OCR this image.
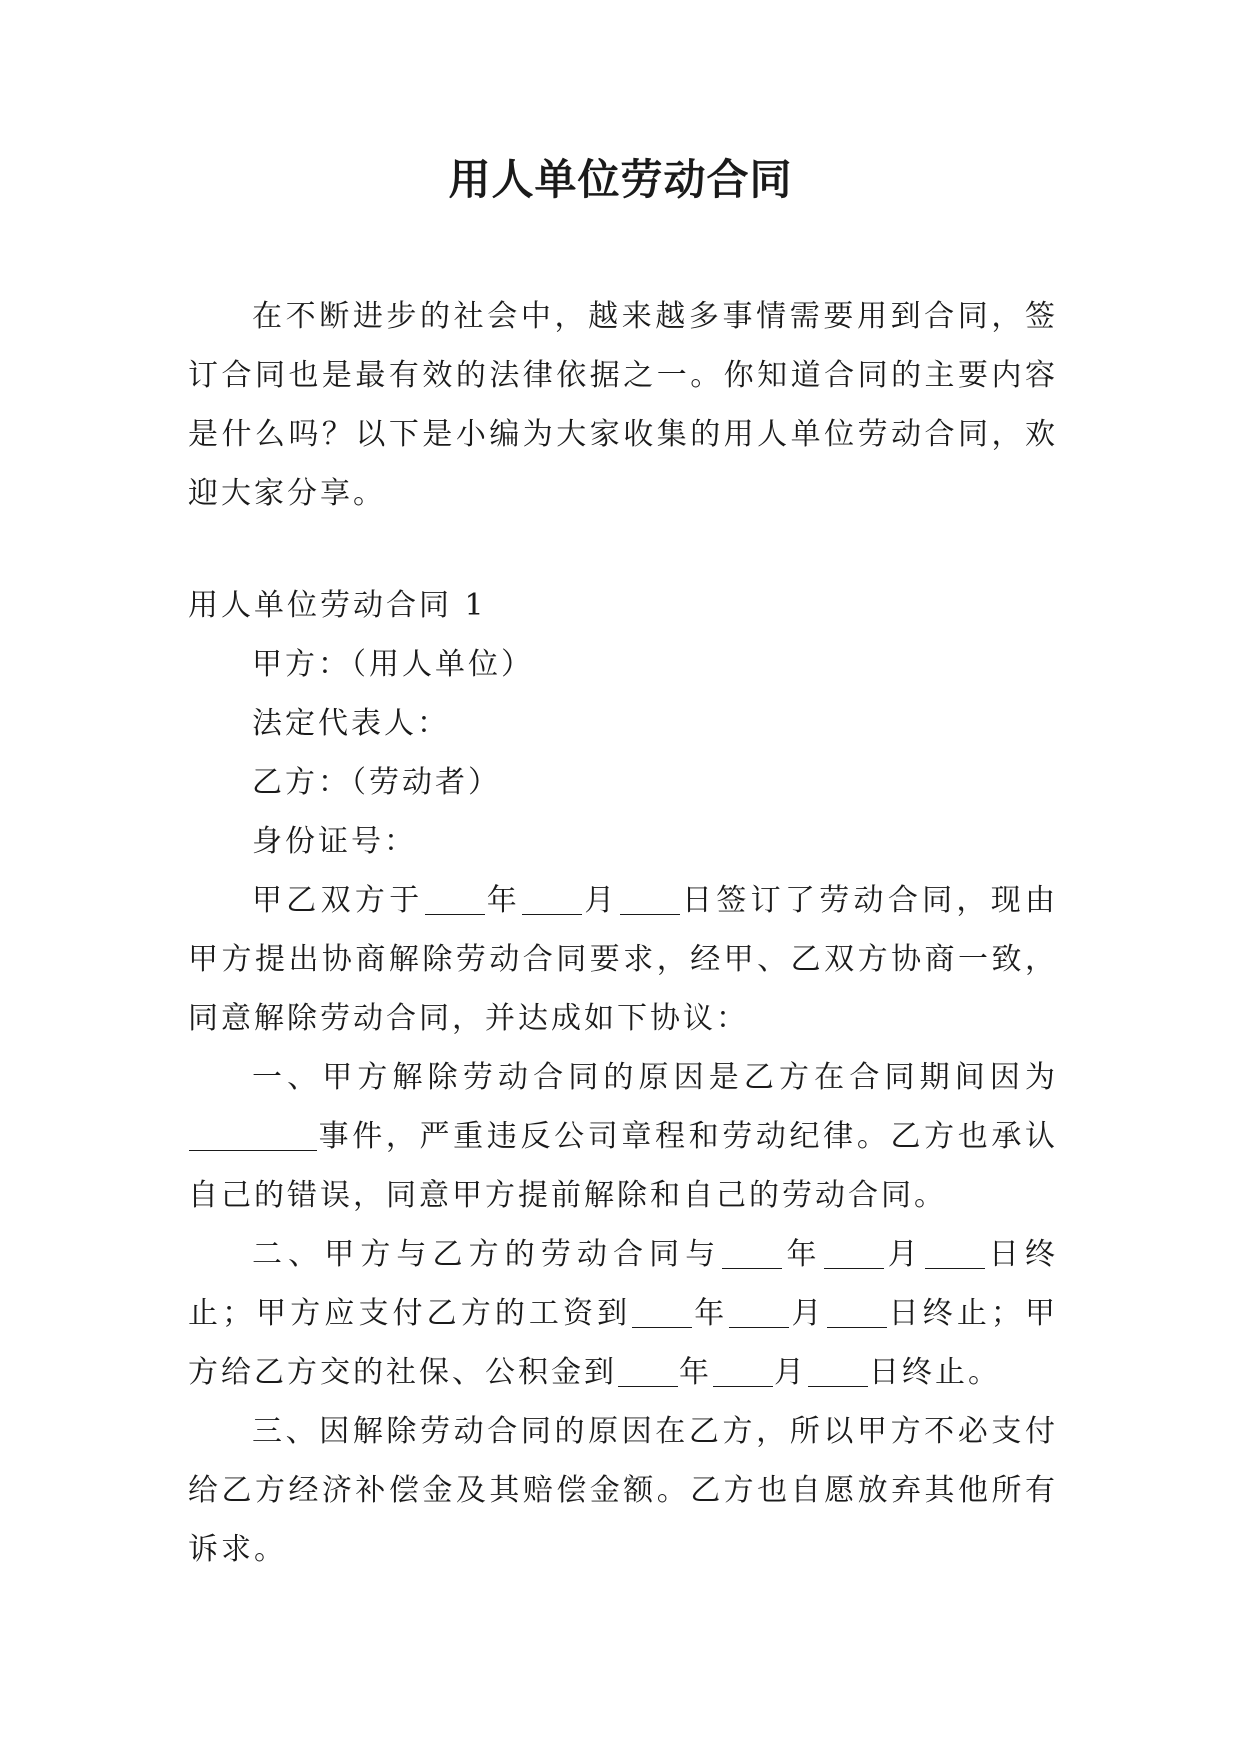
用人单位劳动合同

在不断进步的社会中，越来越多事情需要用到合同，签订合同也是最有效的法律依据之一。你知道合同的主要内容是什么吗？以下是小编为大家收集的用人单位劳动合同，欢迎大家分享。

用人单位劳动合同 1

甲方：（用人单位）

法定代表人：

乙方：（劳动者）

身份证号：

甲乙双方于 年 月 日签订了劳动合同，现由甲方提出协商解除劳动合同要求，经甲、乙双方协商一致，同意解除劳动合同，并达成如下协议：

一、甲方解除劳动合同的原因是乙方在合同期间因为事件，严重违反公司章程和劳动纪律。乙方也承认自己的错误，同意甲方提前解除和自己的劳动合同。

二、甲方与乙方的劳动合同与 年 月 日终止；甲方应支付乙方的工资到 年 月 日终止；甲方给乙方交的社保、公积金到 年 月 日终止。

三、因解除劳动合同的原因在乙方，所以甲方不必支付给乙方经济补偿金及其赔偿金额。乙方也自愿放弃其他所有诉求。
